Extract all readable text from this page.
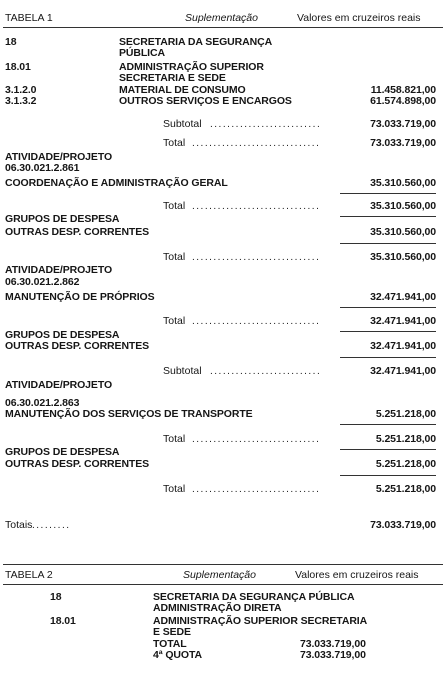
TABELA 1	Suplementação	Valores em cruzeiros reais
18	SECRETARIA DA SEGURANÇA
PÚBLICA
18.01	ADMINISTRAÇÃO SUPERIOR
SECRETARIA E SEDE
3.1.2.0	MATERIAL DE CONSUMO	11.458.821,00
3.1.3.2	OUTROS SERVIÇOS E ENCARGOS	61.574.898,00
Subtotal ..........................	73.033.719,00
Total ..............................	73.033.719,00
ATIVIDADE/PROJETO
06.30.021.2.861
COORDENAÇÃO E ADMINISTRAÇÃO GERAL	35.310.560,00
Total ..............................	35.310.560,00
GRUPOS DE DESPESA
OUTRAS DESP. CORRENTES	35.310.560,00
Total ..............................	35.310.560,00
ATIVIDADE/PROJETO
06.30.021.2.862
MANUTENÇÃO DE PRÓPRIOS	32.471.941,00
Total ..............................	32.471.941,00
GRUPOS DE DESPESA
OUTRAS DESP. CORRENTES	32.471.941,00
Subtotal ..........................	32.471.941,00
ATIVIDADE/PROJETO
06.30.021.2.863
MANUTENÇÃO DOS SERVIÇOS DE TRANSPORTE	5.251.218,00
Total ..............................	5.251.218,00
GRUPOS DE DESPESA
OUTRAS DESP. CORRENTES	5.251.218,00
Total ..............................	5.251.218,00
Totais .........	73.033.719,00
TABELA 2	Suplementação	Valores em cruzeiros reais
18	SECRETARIA DA SEGURANÇA PÚBLICA
ADMINISTRAÇÃO DIRETA
18.01	ADMINISTRAÇÃO SUPERIOR SECRETARIA
E SEDE
TOTAL	73.033.719,00
4ª QUOTA	73.033.719,00
